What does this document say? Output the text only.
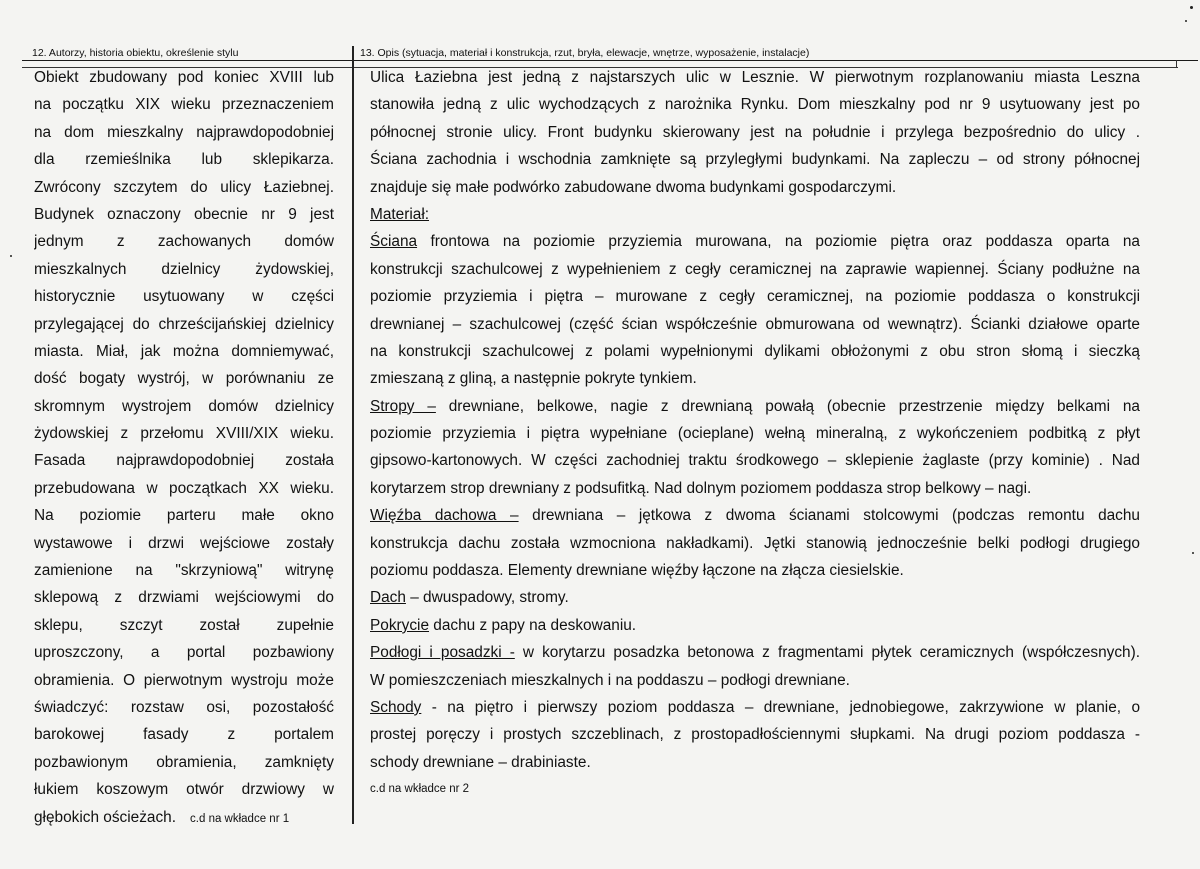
12. Autorzy, historia obiektu, określenie stylu	13. Opis (sytuacja, materiał i konstrukcja, rzut, bryła, elewacje, wnętrze, wyposażenie, instalacje)
Obiekt zbudowany pod koniec XVIII lub
na początku XIX wieku przeznaczeniem
na dom mieszkalny najprawdopodobniej
dla rzemieślnika lub sklepikarza.
Zwrócony szczytem do ulicy Łaziebnej.
Budynek oznaczony obecnie nr 9 jest
jednym z zachowanych domów
mieszkalnych dzielnicy żydowskiej,
historycznie usytuowany w części
przylegającej do chrześcijańskiej dzielnicy
miasta. Miał, jak można domniemywać,
dość bogaty wystrój, w porównaniu ze
skromnym wystrojem domów dzielnicy
żydowskiej z przełomu XVIII/XIX wieku.
Fasada najprawdopodobniej została
przebudowana w początkach XX wieku.
Na poziomie parteru małe okno
wystawowe i drzwi wejściowe zostały
zamienione na "skrzyniową" witrynę
sklepową z drzwiami wejściowymi do
sklepu, szczyt został zupełnie
uproszczony, a portal pozbawiony
obramienia. O pierwotnym wystroju może
świadczyć: rozstaw osi, pozostałość
barokowej fasady z portalem
pozbawionym obramienia, zamknięty
łukiem koszowym otwór drzwiowy w
głębokich ościeżach. c.d na wkładce nr 1
Ulica Łaziebna jest jedną z najstarszych ulic w Lesznie. W pierwotnym rozplanowaniu miasta Leszna
stanowiła jedną z ulic wychodzących z narożnika Rynku. Dom mieszkalny pod nr 9 usytuowany jest po
północnej stronie ulicy. Front budynku skierowany jest na południe i przylega bezpośrednio do ulicy .
Ściana zachodnia i wschodnia zamknięte są przyległymi budynkami. Na zapleczu – od strony północnej
znajduje się małe podwórko zabudowane dwoma budynkami gospodarczymi.
Materiał:
Ściana frontowa na poziomie przyziemia murowana, na poziomie piętra oraz poddasza oparta na
konstrukcji szachulcowej z wypełnieniem z cegły ceramicznej na zaprawie wapiennej. Ściany podłużne na
poziomie przyziemia i piętra – murowane z cegły ceramicznej, na poziomie poddasza o konstrukcji
drewnianej – szachulcowej (część ścian współcześnie obmurowana od wewnątrz). Ścianki działowe oparte
na konstrukcji szachulcowej z polami wypełnionymi dylikami obłożonymi z obu stron słomą i sieczką
zmieszaną z gliną, a następnie pokryte tynkiem.
Stropy – drewniane, belkowe, nagie z drewnianą powałą (obecnie przestrzenie między belkami na
poziomie przyziemia i piętra wypełniane (ocieplane) wełną mineralną, z wykończeniem podbitką z płyt
gipsowo-kartonowych. W części zachodniej traktu środkowego – sklepienie żaglaste (przy kominie) . Nad
korytarzem strop drewniany z podsufitką. Nad dolnym poziomem poddasza strop belkowy – nagi.
Więźba dachowa – drewniana – jętkowa z dwoma ścianami stolcowymi (podczas remontu dachu
konstrukcja dachu została wzmocniona nakładkami). Jętki stanowią jednocześnie belki podłogi drugiego
poziomu poddasza. Elementy drewniane więźby łączone na złącza ciesielskie.
Dach – dwuspadowy, stromy.
Pokrycie dachu z papy na deskowaniu.
Podłogi i posadzki - w korytarzu posadzka betonowa z fragmentami płytek ceramicznych (współczesnych).
W pomieszczeniach mieszkalnych i na poddaszu – podłogi drewniane.
Schody - na piętro i pierwszy poziom poddasza – drewniane, jednobiegowe, zakrzywione w planie, o
prostej poręczy i prostych szczeblinach, z prostopadłościennymi słupkami. Na drugi poziom poddasza -
schody drewniane – drabiniaste.
c.d na wkładce nr 2
